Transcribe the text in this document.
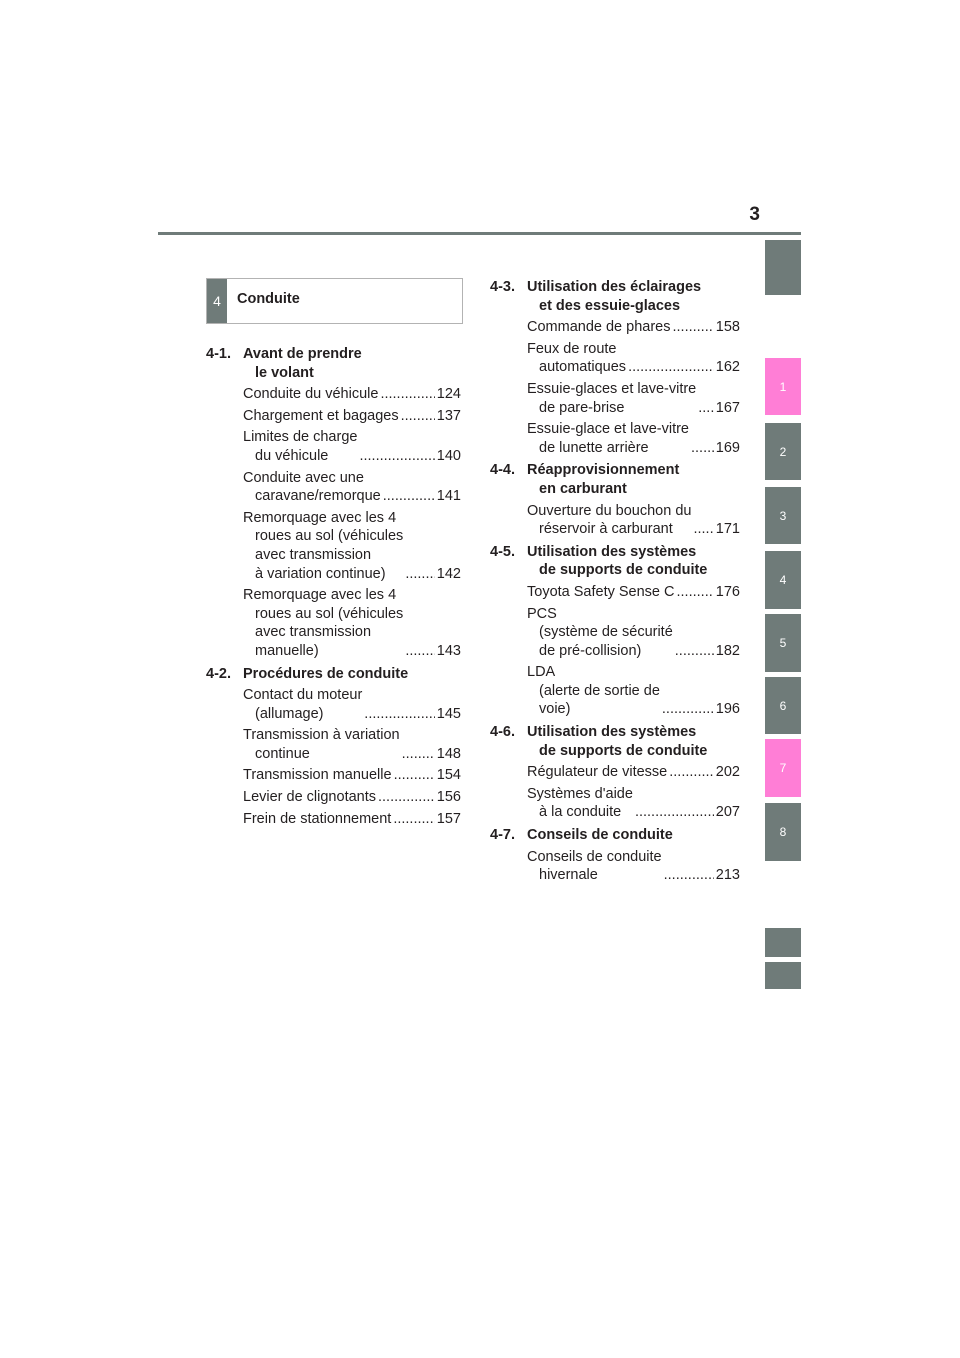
3
1
2
3
4
5
6
7
8
4	Conduite
4-1. Avant de prendre
le volant
Conduite du véhicule .....	124
Chargement et bagages .....	137
Limites de charge
du véhicule .....	140
Conduite avec une
caravane/remorque .....	141
Remorquage avec les 4
roues au sol (véhicules
avec transmission
à variation continue) .....	142
Remorquage avec les 4
roues au sol (véhicules
avec transmission
manuelle) .....	143
4-2. Procédures de conduite
Contact du moteur
(allumage) .....	145
Transmission à variation
continue .....	148
Transmission manuelle .....	154
Levier de clignotants .....	156
Frein de stationnement .....	157
4-3. Utilisation des éclairages
et des essuie-glaces
Commande de phares .....	158
Feux de route
automatiques .....	162
Essuie-glaces et lave-vitre
de pare-brise .....	167
Essuie-glace et lave-vitre
de lunette arrière .....	169
4-4. Réapprovisionnement
en carburant
Ouverture du bouchon du
réservoir à carburant .....	171
4-5. Utilisation des systèmes
de supports de conduite
Toyota Safety Sense C .....	176
PCS
(système de sécurité
de pré-collision) .....	182
LDA
(alerte de sortie de
voie) .....	196
4-6. Utilisation des systèmes
de supports de conduite
Régulateur de vitesse .....	202
Systèmes d'aide
à la conduite .....	207
4-7. Conseils de conduite
Conseils de conduite
hivernale .....	213
